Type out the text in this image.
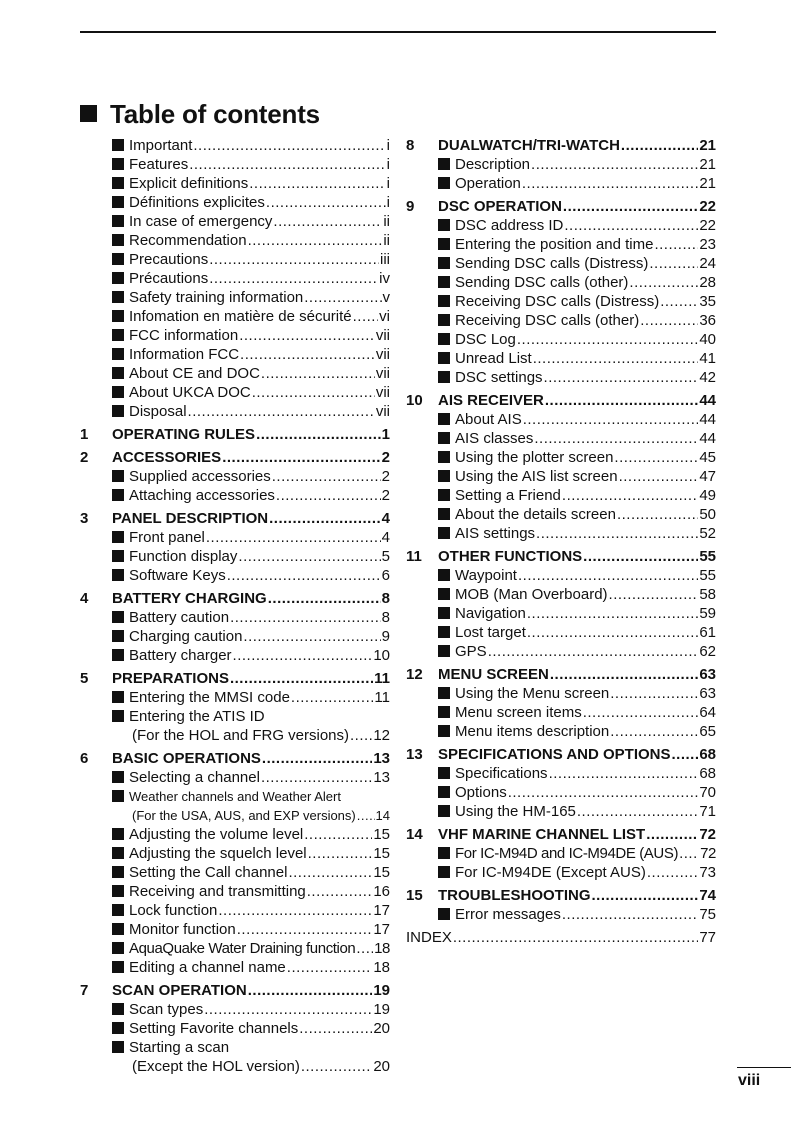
Table of contents
Important .....	i
Features .....	i
Explicit definitions .....	i
Définitions explicites .....	i
In case of emergency .....	ii
Recommendation .....	ii
Precautions .....	iii
Précautions .....	iv
Safety training information .....	v
Infomation en matière de sécurité ..... vi
FCC information .....	vii
Information FCC .....	vii
About CE and DOC .....	vii
About UKCA DOC .....	vii
Disposal .....	vii
1 OPERATING RULES .....	1
2 ACCESSORIES .....	2
Supplied accessories .....	2
Attaching accessories .....	2
3 PANEL DESCRIPTION .....	4
Front panel .....	4
Function display .....	5
Software Keys .....	6
4 BATTERY CHARGING .....	8
Battery caution .....	8
Charging caution .....	9
Battery charger .....	10
5 PREPARATIONS .....	11
Entering the MMSI code .....	11
Entering the ATIS ID
(For the HOL and FRG versions) ..... 12
6 BASIC OPERATIONS .....	13
Selecting a channel .....	13
Weather channels and Weather Alert
(For the USA, AUS, and EXP versions) ..... 14
Adjusting the volume level .....	15
Adjusting the squelch level .....	15
Setting the Call channel .....	15
Receiving and transmitting .....	16
Lock function .....	17
Monitor function .....	17
AquaQuake Water Draining function ..... 18
Editing a channel name .....	18
7 SCAN OPERATION .....	19
Scan types .....	19
Setting Favorite channels .....	20
Starting a scan
(Except the HOL version) .....	20
8 DUALWATCH/TRI-WATCH .....	21
Description .....	21
Operation .....	21
9 DSC OPERATION .....	22
DSC address ID .....	22
Entering the position and time .....	23
Sending DSC calls (Distress) .....	24
Sending DSC calls (other) .....	28
Receiving DSC calls (Distress) .....	35
Receiving DSC calls (other) .....	36
DSC Log .....	40
Unread List .....	41
DSC settings .....	42
10 AIS RECEIVER .....	44
About AIS .....	44
AIS classes .....	44
Using the plotter screen .....	45
Using the AIS list screen .....	47
Setting a Friend .....	49
About the details screen .....	50
AIS settings .....	52
11 OTHER FUNCTIONS .....	55
Waypoint .....	55
MOB (Man Overboard) .....	58
Navigation .....	59
Lost target .....	61
GPS .....	62
12 MENU SCREEN .....	63
Using the Menu screen .....	63
Menu screen items .....	64
Menu items description .....	65
13 SPECIFICATIONS AND OPTIONS ..... 68
Specifications .....	68
Options .....	70
Using the HM-165 .....	71
14 VHF MARINE CHANNEL LIST .....	72
For IC-M94D and IC-M94DE (AUS) ..... 72
For IC-M94DE (Except AUS) .....	73
15 TROUBLESHOOTING .....	74
Error messages .....	75
INDEX .....	77
viii
